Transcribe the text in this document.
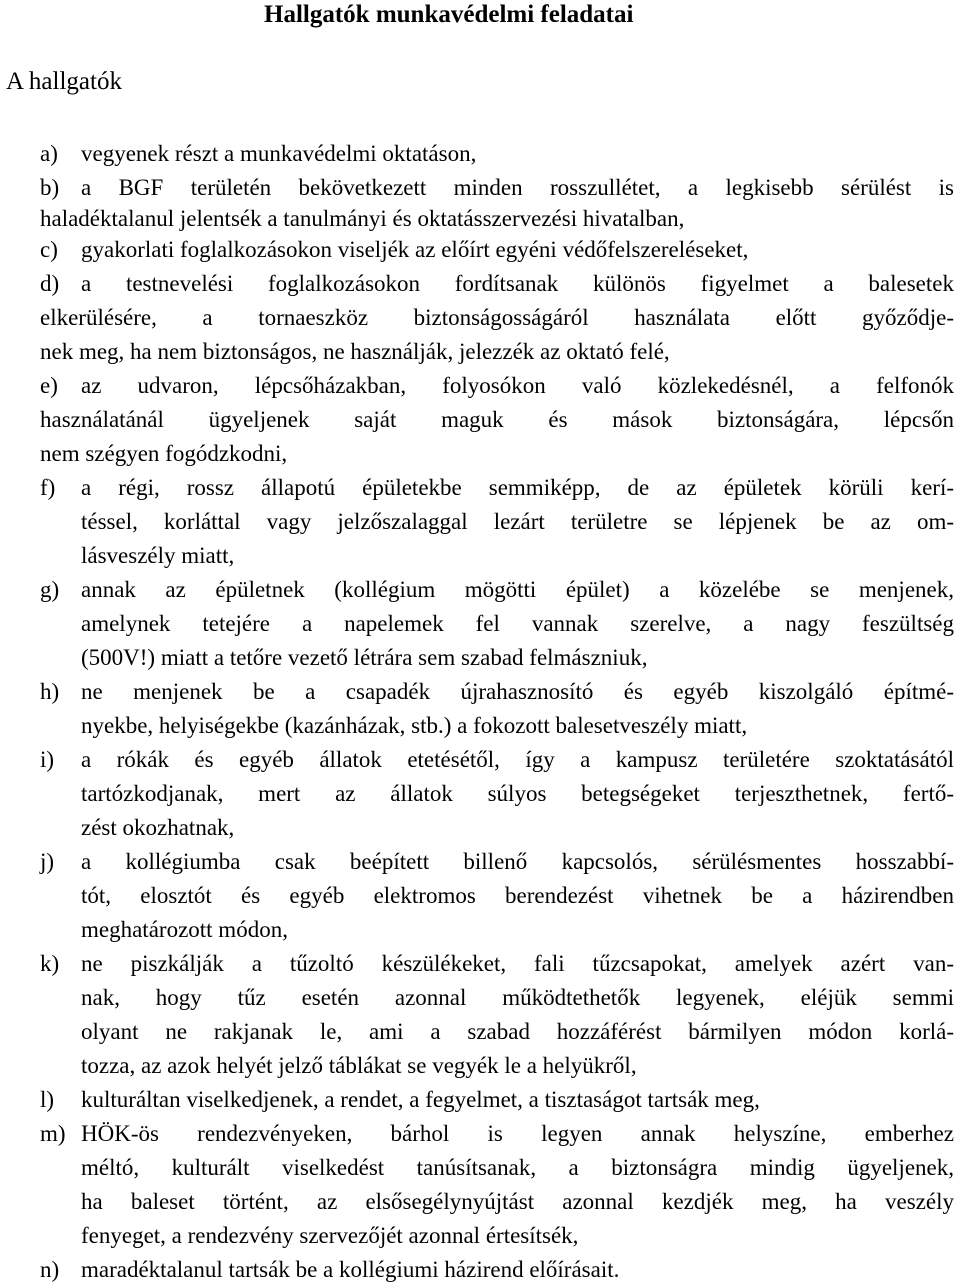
Hallgatók munkavédelmi feladatai
A hallgatók
a) vegyenek részt a munkavédelmi oktatáson,
b) a BGF területén bekövetkezett minden rosszullétet, a legkisebb sérülést is
haladéktalanul jelentsék a tanulmányi és oktatásszervezési hivatalban,
c) gyakorlati foglalkozásokon viseljék az előírt egyéni védőfelszereléseket,
d) a testnevelési foglalkozásokon fordítsanak különös figyelmet a balesetek
elkerülésére, a tornaeszköz biztonságosságáról használata előtt győződje-
nek meg, ha nem biztonságos, ne használják, jelezzék az oktató felé,
e) az udvaron, lépcsőházakban, folyosókon való közlekedésnél, a felfonók
használatánál ügyeljenek saját maguk és mások biztonságára, lépcsőn
nem szégyen fogódzkodni,
f) a régi, rossz állapotú épületekbe semmiképp, de az épületek körüli kerí-
téssel, korláttal vagy jelzőszalaggal lezárt területre se lépjenek be az om-
lásveszély miatt,
g) annak az épületnek (kollégium mögötti épület) a közelébe se menjenek,
amelynek tetejére a napelemek fel vannak szerelve, a nagy feszültség
(500V!) miatt a tetőre vezető létrára sem szabad felmászniuk,
h) ne menjenek be a csapadék újrahasznosító és egyéb kiszolgáló építmé-
nyekbe, helyiségekbe (kazánházak, stb.) a fokozott balesetveszély miatt,
i) a rókák és egyéb állatok etetésétől, így a kampusz területére szoktatásától
tartózkodjanak, mert az állatok súlyos betegségeket terjeszthetnek, fertő-
zést okozhatnak,
j) a kollégiumba csak beépített billenő kapcsolós, sérülésmentes hosszabbí-
tót, elosztót és egyéb elektromos berendezést vihetnek be a házirendben
meghatározott módon,
k) ne piszkálják a tűzoltó készülékeket, fali tűzcsapokat, amelyek azért van-
nak, hogy tűz esetén azonnal működtethetők legyenek, eléjük semmi
olyant ne rakjanak le, ami a szabad hozzáférést bármilyen módon korlá-
tozza, az azok helyét jelző táblákat se vegyék le a helyükről,
l) kulturáltan viselkedjenek, a rendet, a fegyelmet, a tisztaságot tartsák meg,
m) HÖK-ös rendezvényeken, bárhol is legyen annak helyszíne, emberhez
méltó, kulturált viselkedést tanúsítsanak, a biztonságra mindig ügyeljenek,
ha baleset történt, az elsősegélynyújtást azonnal kezdjék meg, ha veszély
fenyeget, a rendezvény szervezőjét azonnal értesítsék,
n) maradéktalanul tartsák be a kollégiumi házirend előírásait.
